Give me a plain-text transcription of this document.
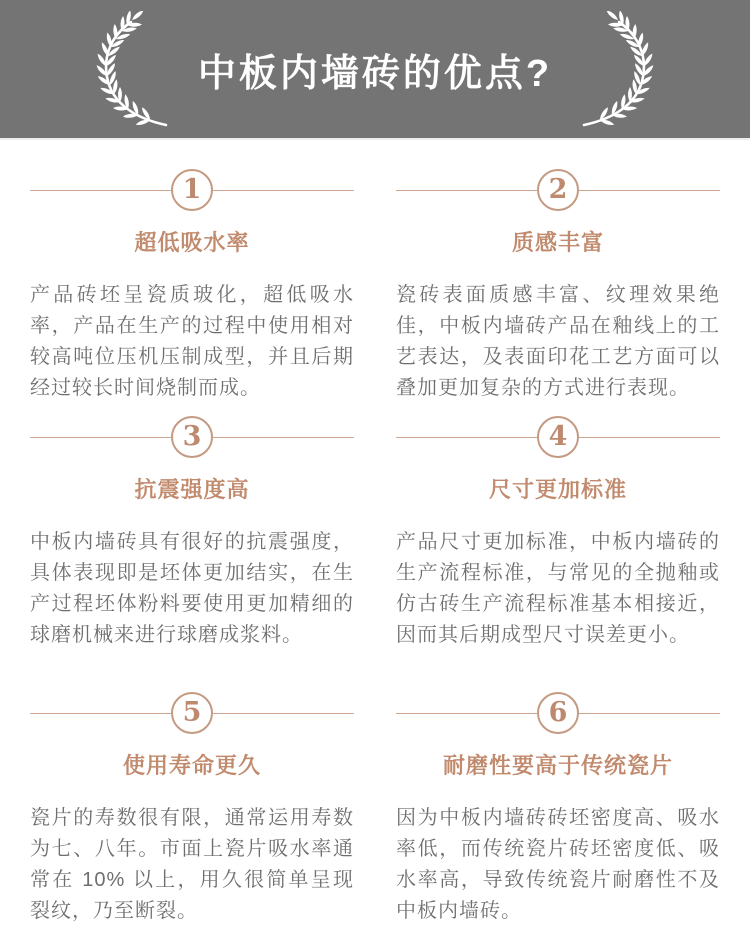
中板内墙砖的优点?
1
超低吸水率

产品砖坯呈瓷质玻化，超低吸水率，产品在生产的过程中使用相对较高吨位压机压制成型，并且后期经过较长时间烧制而成。

2
质感丰富

瓷砖表面质感丰富、纹理效果绝佳，中板内墙砖产品在釉线上的工艺表达，及表面印花工艺方面可以叠加更加复杂的方式进行表现。

3
抗震强度高

中板内墙砖具有很好的抗震强度，具体表现即是坯体更加结实，在生产过程坯体粉料要使用更加精细的球磨机械来进行球磨成浆料。

4
尺寸更加标准

产品尺寸更加标准，中板内墙砖的生产流程标准，与常见的全抛釉或仿古砖生产流程标准基本相接近，因而其后期成型尺寸误差更小。

5
使用寿命更久

瓷片的寿数很有限，通常运用寿数为七、八年。市面上瓷片吸水率通常在 10% 以上，用久很简单呈现裂纹，乃至断裂。

6
耐磨性要高于传统瓷片

因为中板内墙砖砖坯密度高、吸水率低，而传统瓷片砖坯密度低、吸水率高，导致传统瓷片耐磨性不及中板内墙砖。
